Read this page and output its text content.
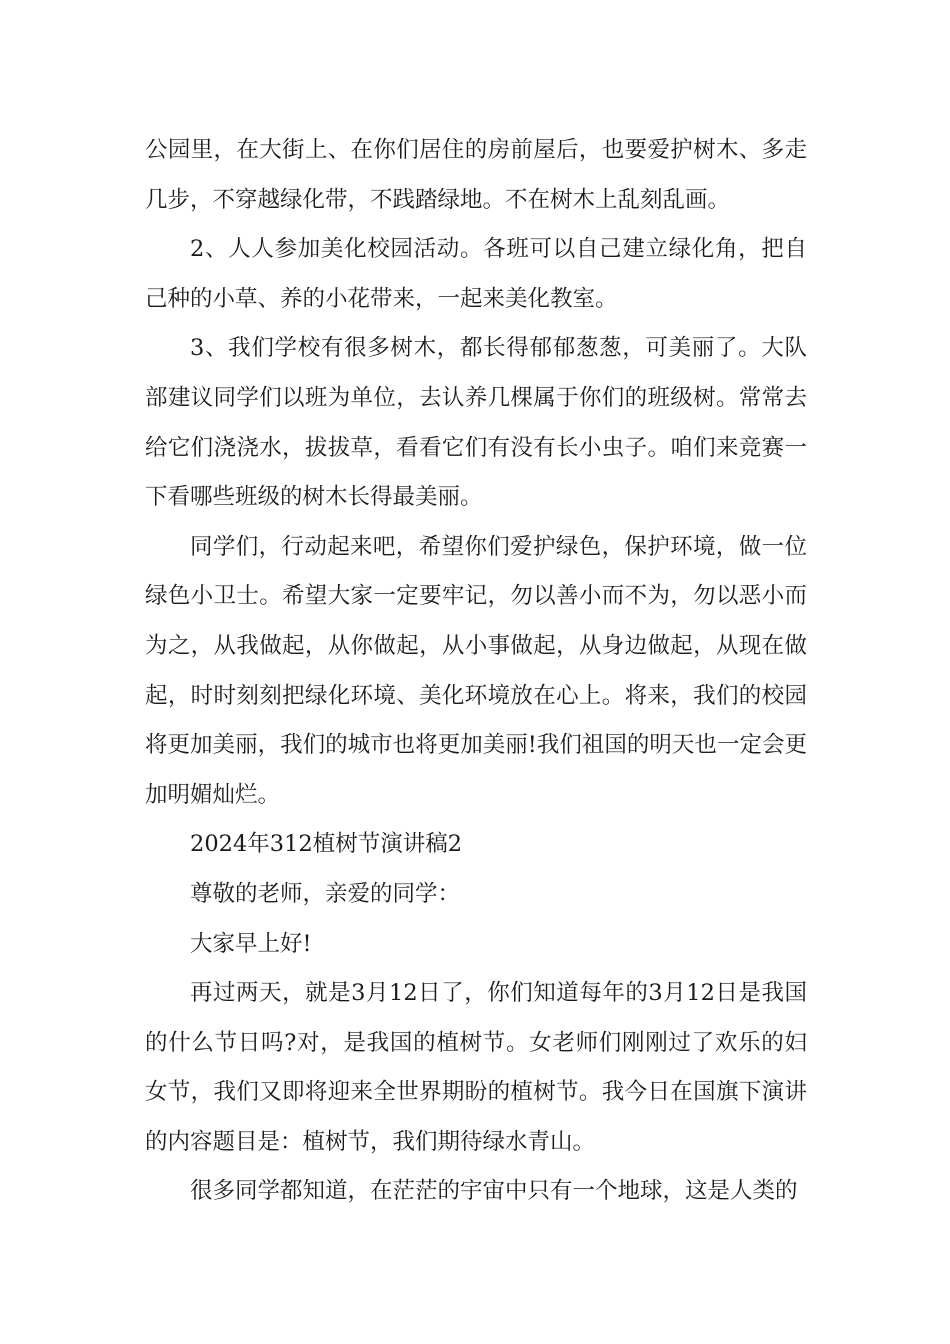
公园里，在大街上、在你们居住的房前屋后，也要爱护树木、多走几步，不穿越绿化带，不践踏绿地。不在树木上乱刻乱画。

2、人人参加美化校园活动。各班可以自己建立绿化角，把自己种的小草、养的小花带来，一起来美化教室。

3、我们学校有很多树木，都长得郁郁葱葱，可美丽了。大队部建议同学们以班为单位，去认养几棵属于你们的班级树。常常去给它们浇浇水，拔拔草，看看它们有没有长小虫子。咱们来竞赛一下看哪些班级的树木长得最美丽。

同学们，行动起来吧，希望你们爱护绿色，保护环境，做一位绿色小卫士。希望大家一定要牢记，勿以善小而不为，勿以恶小而为之，从我做起，从你做起，从小事做起，从身边做起，从现在做起，时时刻刻把绿化环境、美化环境放在心上。将来，我们的校园将更加美丽，我们的城市也将更加美丽!我们祖国的明天也一定会更加明媚灿烂。

2024年312植树节演讲稿2

尊敬的老师，亲爱的同学：

大家早上好!

再过两天，就是3月12日了，你们知道每年的3月12日是我国的什么节日吗?对，是我国的植树节。女老师们刚刚过了欢乐的妇女节，我们又即将迎来全世界期盼的植树节。我今日在国旗下演讲的内容题目是：植树节，我们期待绿水青山。

很多同学都知道，在茫茫的宇宙中只有一个地球，这是人类的
